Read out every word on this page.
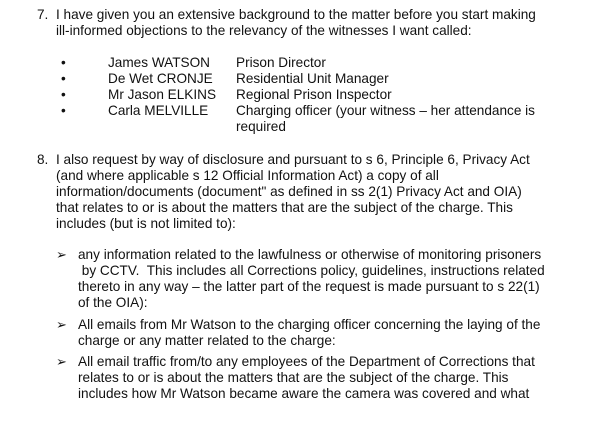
7. I have given you an extensive background to the matter before you start making
ill-informed objections to the relevancy of the witnesses I want called:
•	James WATSON Prison Director
•	De Wet CRONJE Residential Unit Manager
•	Mr Jason ELKINS Regional Prison Inspector
•	Carla MELVILLE Charging officer (your witness – her attendance is
required
8. I also request by way of disclosure and pursuant to s 6, Principle 6, Privacy Act
(and where applicable s 12 Official Information Act) a copy of all
information/documents (document" as defined in ss 2(1) Privacy Act and OIA)
that relates to or is about the matters that are the subject of the charge. This
includes (but is not limited to):
➢ any information related to the lawfulness or otherwise of monitoring prisoners
by CCTV.  This includes all Corrections policy, guidelines, instructions related
thereto in any way – the latter part of the request is made pursuant to s 22(1)
of the OIA):
➢ All emails from Mr Watson to the charging officer concerning the laying of the
charge or any matter related to the charge:
➢ All email traffic from/to any employees of the Department of Corrections that
relates to or is about the matters that are the subject of the charge. This
includes how Mr Watson became aware the camera was covered and what
